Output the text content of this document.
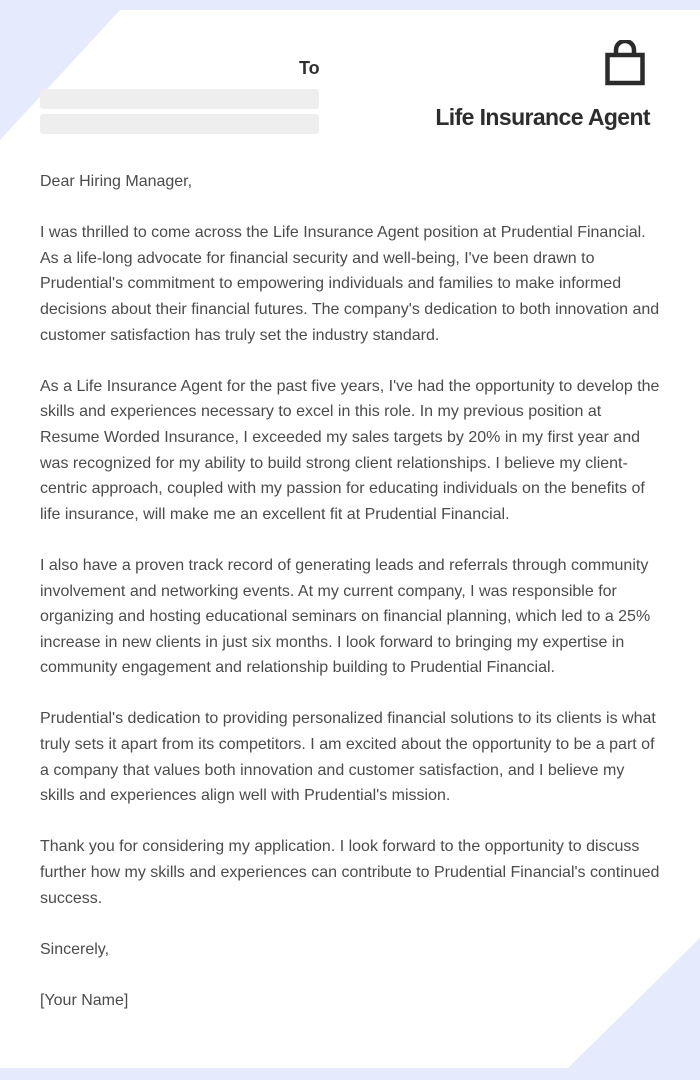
To
Life Insurance Agent

Dear Hiring Manager,

I was thrilled to come across the Life Insurance Agent position at Prudential Financial. As a life-long advocate for financial security and well-being, I've been drawn to Prudential's commitment to empowering individuals and families to make informed decisions about their financial futures. The company's dedication to both innovation and customer satisfaction has truly set the industry standard.

As a Life Insurance Agent for the past five years, I've had the opportunity to develop the skills and experiences necessary to excel in this role. In my previous position at Resume Worded Insurance, I exceeded my sales targets by 20% in my first year and was recognized for my ability to build strong client relationships. I believe my client-centric approach, coupled with my passion for educating individuals on the benefits of life insurance, will make me an excellent fit at Prudential Financial.

I also have a proven track record of generating leads and referrals through community involvement and networking events. At my current company, I was responsible for organizing and hosting educational seminars on financial planning, which led to a 25% increase in new clients in just six months. I look forward to bringing my expertise in community engagement and relationship building to Prudential Financial.

Prudential's dedication to providing personalized financial solutions to its clients is what truly sets it apart from its competitors. I am excited about the opportunity to be a part of a company that values both innovation and customer satisfaction, and I believe my skills and experiences align well with Prudential's mission.

Thank you for considering my application. I look forward to the opportunity to discuss further how my skills and experiences can contribute to Prudential Financial's continued success.

Sincerely,

[Your Name]
